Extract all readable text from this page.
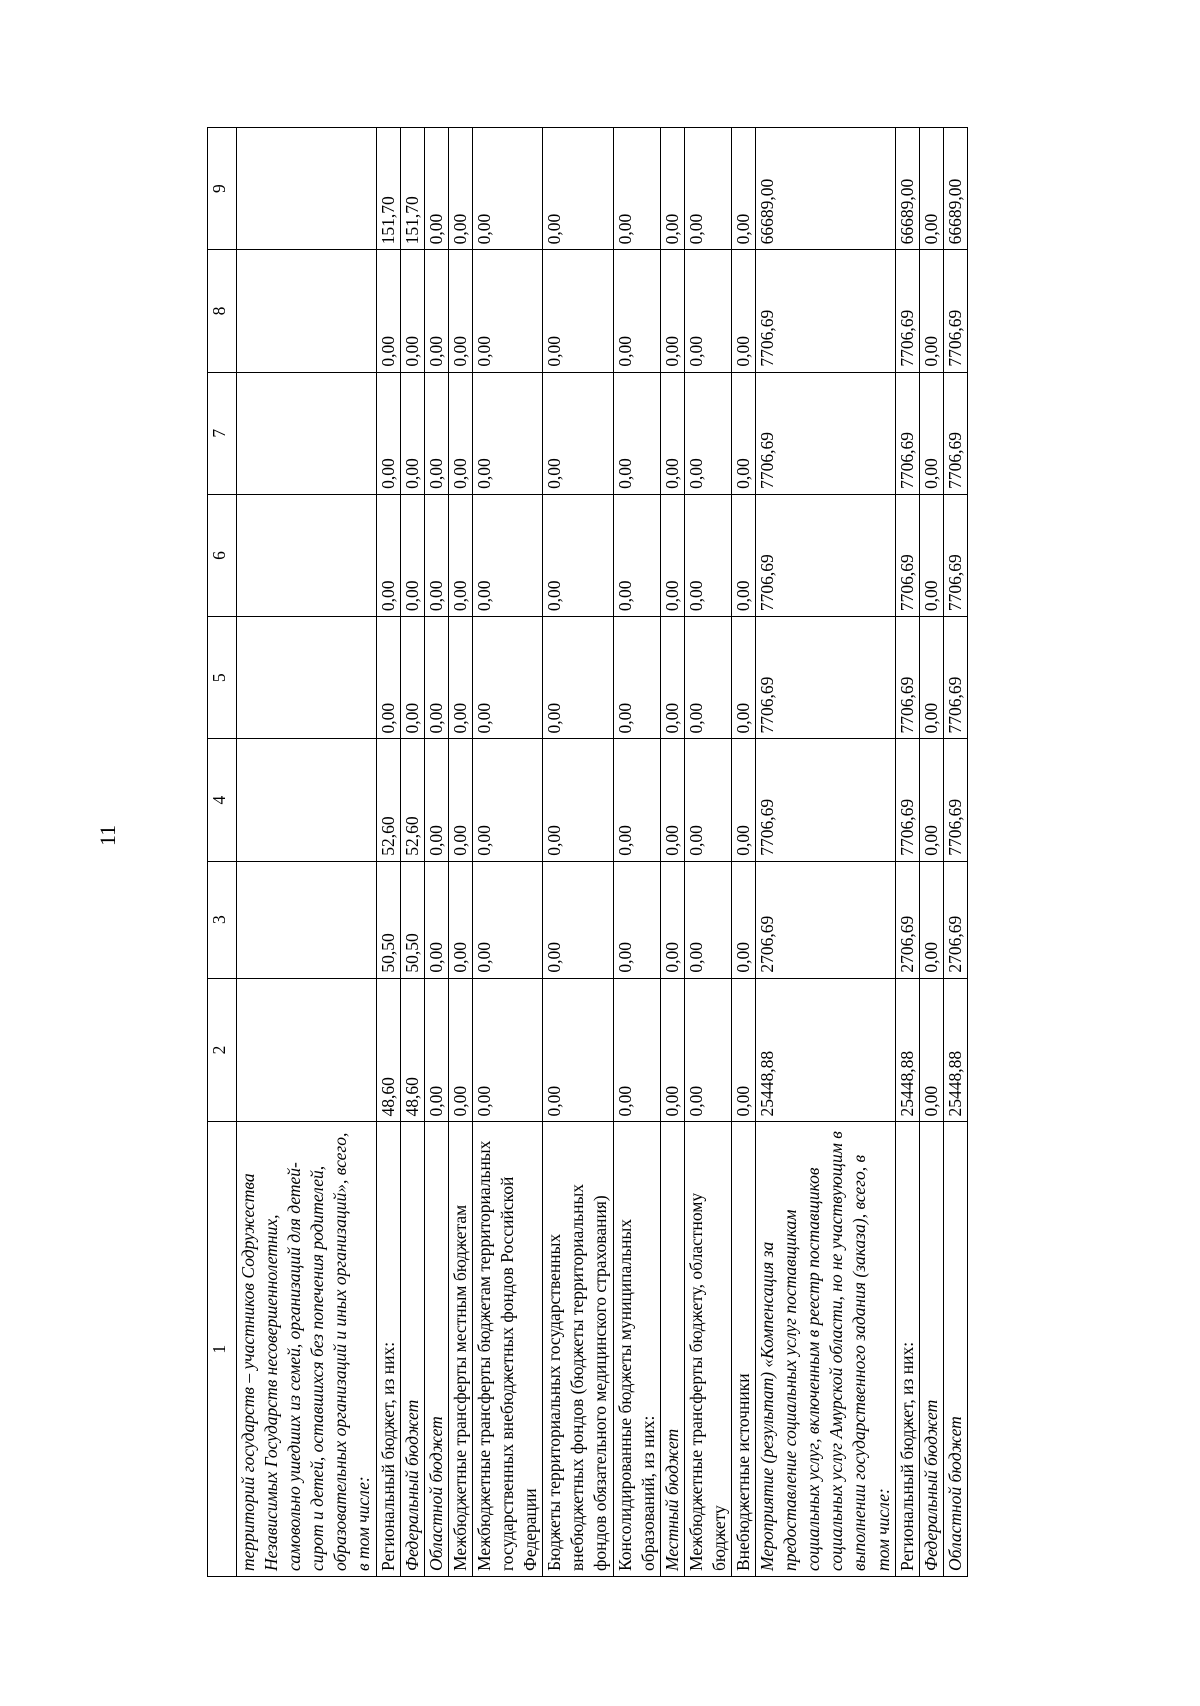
11
1	2	3	4	5	6	7	8	9
территорий государств – участников Содружества Независимых Государств несовершеннолетних, самовольно ушедших из семей, организаций для детей-сирот и детей, оставшихся без попечения родителей, образовательных организаций и иных организаций», всего, в том числе:								
Региональный бюджет, из них:	48,60	50,50	52,60	0,00	0,00	0,00	0,00	151,70
Федеральный бюджет	48,60	50,50	52,60	0,00	0,00	0,00	0,00	151,70
Областной бюджет	0,00	0,00	0,00	0,00	0,00	0,00	0,00	0,00
Межбюджетные трансферты местным бюджетам	0,00	0,00	0,00	0,00	0,00	0,00	0,00	0,00
Межбюджетные трансферты бюджетам территориальных государственных внебюджетных фондов Российской Федерации	0,00	0,00	0,00	0,00	0,00	0,00	0,00	0,00
Бюджеты территориальных государственных внебюджетных фондов (бюджеты территориальных фондов обязательного медицинского страхования)	0,00	0,00	0,00	0,00	0,00	0,00	0,00	0,00
Консолидированные бюджеты муниципальных образований, из них:	0,00	0,00	0,00	0,00	0,00	0,00	0,00	0,00
Местный бюджет	0,00	0,00	0,00	0,00	0,00	0,00	0,00	0,00
Межбюджетные трансферты бюджету, областному бюджету	0,00	0,00	0,00	0,00	0,00	0,00	0,00	0,00
Внебюджетные источники	0,00	0,00	0,00	0,00	0,00	0,00	0,00	0,00
Мероприятие (результат) «Компенсация за предоставление социальных услуг поставщикам социальных услуг, включенным в реестр поставщиков социальных услуг Амурской области, но не участвующим в выполнении государственного задания (заказа), всего, в том числе:	25448,88	2706,69	7706,69	7706,69	7706,69	7706,69	7706,69	66689,00
Региональный бюджет, из них:	25448,88	2706,69	7706,69	7706,69	7706,69	7706,69	7706,69	66689,00
Федеральный бюджет	0,00	0,00	0,00	0,00	0,00	0,00	0,00	0,00
Областной бюджет	25448,88	2706,69	7706,69	7706,69	7706,69	7706,69	7706,69	66689,00
